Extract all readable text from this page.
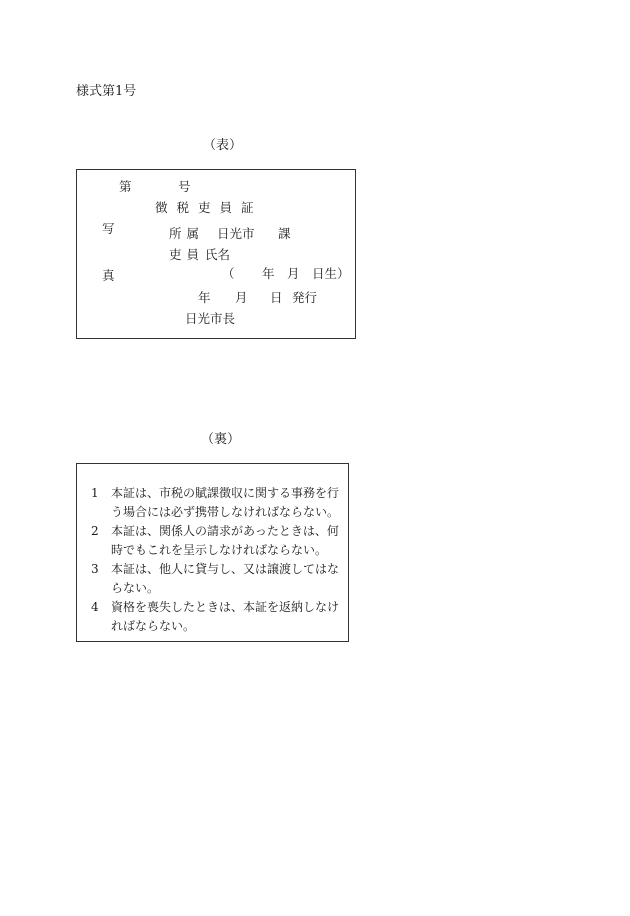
様式第1号
（表）
第	号
徴税吏員証
写
真
所属 日光市 課
吏員 氏名
（ 年　月　日生）
年 月 日 発行
日光市長
（裏）
1 本証は、市税の賦課徴収に関する事務を行
う場合には必ず携帯しなければならない。
2 本証は、関係人の請求があったときは、何
時でもこれを呈示しなければならない。
3 本証は、他人に貸与し、又は譲渡してはな
らない。
4 資格を喪失したときは、本証を返納しなけ
ればならない。
